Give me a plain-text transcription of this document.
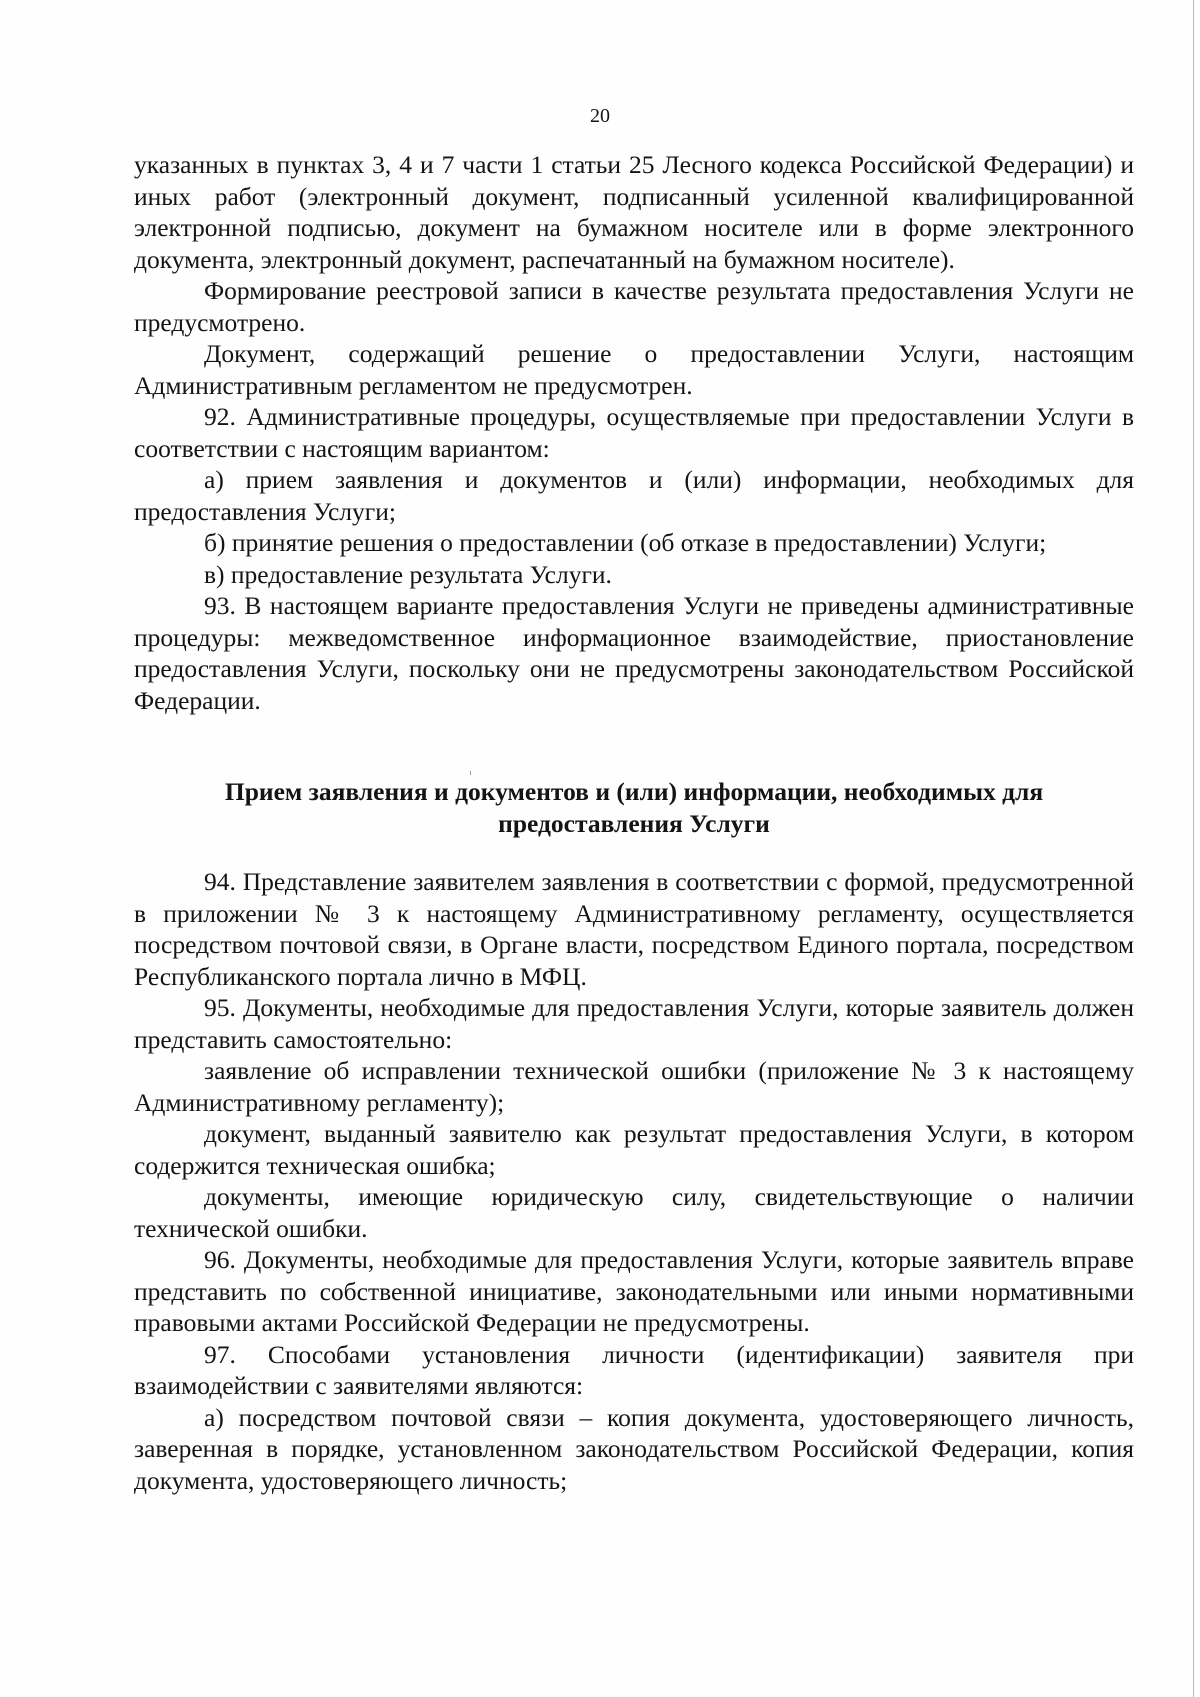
20

указанных в пунктах 3, 4 и 7 части 1 статьи 25 Лесного кодекса Российской Федерации) и иных работ (электронный документ, подписанный усиленной квалифицированной электронной подписью, документ на бумажном носителе или в форме электронного документа, электронный документ, распечатанный на бумажном носителе).

Формирование реестровой записи в качестве результата предоставления Услуги не предусмотрено.

Документ, содержащий решение о предоставлении Услуги, настоящим Административным регламентом не предусмотрен.

92. Административные процедуры, осуществляемые при предоставлении Услуги в соответствии с настоящим вариантом:

а) прием заявления и документов и (или) информации, необходимых для предоставления Услуги;

б) принятие решения о предоставлении (об отказе в предоставлении) Услуги;

в) предоставление результата Услуги.

93. В настоящем варианте предоставления Услуги не приведены административные процедуры: межведомственное информационное взаимодействие, приостановление предоставления Услуги, поскольку они не предусмотрены законодательством Российской Федерации.

Прием заявления и документов и (или) информации, необходимых для предоставления Услуги

94. Представление заявителем заявления в соответствии с формой, предусмотренной в приложении № 3 к настоящему Административному регламенту, осуществляется посредством почтовой связи, в Органе власти, посредством Единого портала, посредством Республиканского портала лично в МФЦ.

95. Документы, необходимые для предоставления Услуги, которые заявитель должен представить самостоятельно:

заявление об исправлении технической ошибки (приложение № 3 к настоящему Административному регламенту);

документ, выданный заявителю как результат предоставления Услуги, в котором содержится техническая ошибка;

документы, имеющие юридическую силу, свидетельствующие о наличии технической ошибки.

96. Документы, необходимые для предоставления Услуги, которые заявитель вправе представить по собственной инициативе, законодательными или иными нормативными правовыми актами Российской Федерации не предусмотрены.

97. Способами установления личности (идентификации) заявителя при взаимодействии с заявителями являются:

а) посредством почтовой связи – копия документа, удостоверяющего личность, заверенная в порядке, установленном законодательством Российской Федерации, копия документа, удостоверяющего личность;
